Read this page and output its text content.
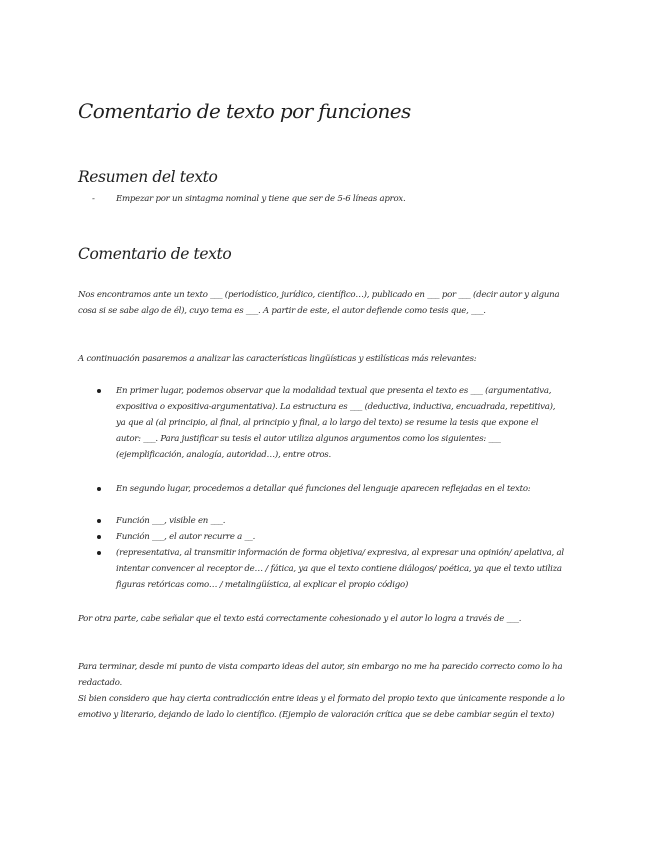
Comentario de texto por funciones
Resumen del texto
- Empezar por un sintagma nominal y tiene que ser de 5-6 líneas aprox.
Comentario de texto

Nos encontramos ante un texto ___ (periodístico, jurídico, científico…), publicado en ___ por ___ (decir autor y alguna cosa si se sabe algo de él), cuyo tema es ___. A partir de este, el autor defiende como tesis que, ___.

A continuación pasaremos a analizar las características lingüísticas y estilísticas más relevantes:

En primer lugar, podemos observar que la modalidad textual que presenta el texto es ___ (argumentativa, expositiva o expositiva-argumentativa). La estructura es ___ (deductiva, inductiva, encuadrada, repetitiva), ya que al (al principio, al final, al principio y final, a lo largo del texto) se resume la tesis que expone el autor: ___. Para justificar su tesis el autor utiliza algunos argumentos como los siguientes: ___ (ejemplificación, analogía, autoridad…), entre otros.
En segundo lugar, procedemos a detallar qué funciones del lenguaje aparecen reflejadas en el texto:
Función ___, visible en ___.
Función ___, el autor recurre a __.
(representativa, al transmitir información de forma objetiva/ expresiva, al expresar una opinión/ apelativa, al intentar convencer al receptor de… / fática, ya que el texto contiene diálogos/ poética, ya que el texto utiliza figuras retóricas como… / metalingüística, al explicar el propio código)

Por otra parte, cabe señalar que el texto está correctamente cohesionado y el autor lo logra a través de ___.

Para terminar, desde mi punto de vista comparto ideas del autor, sin embargo no me ha parecido correcto como lo ha redactado.

Si bien considero que hay cierta contradicción entre ideas y el formato del propio texto que únicamente responde a lo emotivo y literario, dejando de lado lo científico. (Ejemplo de valoración crítica que se debe cambiar según el texto)
